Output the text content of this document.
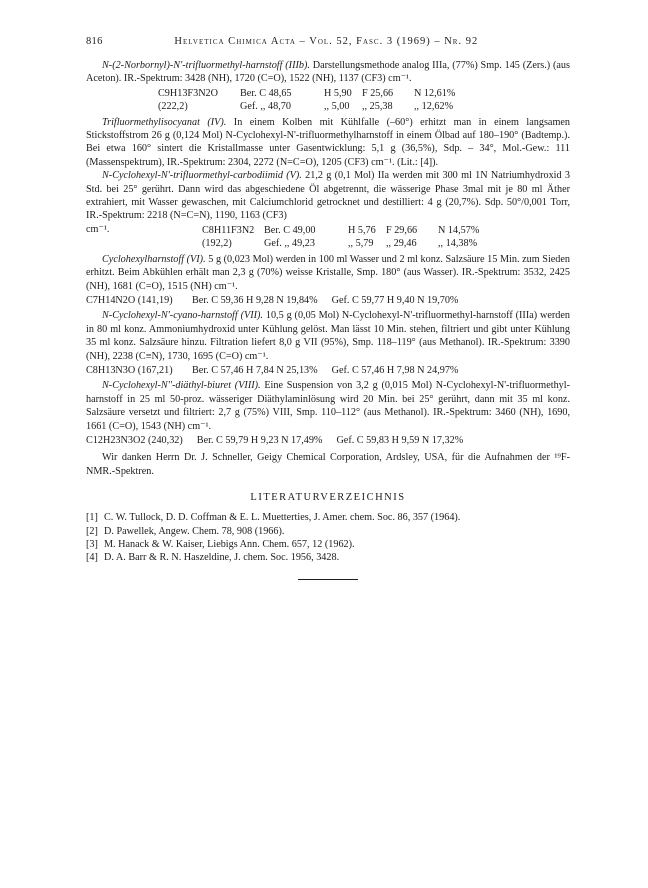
816	Helvetica Chimica Acta – Vol. 52, Fasc. 3 (1969) – Nr. 92

N-(2-Norbornyl)-N'-trifluormethyl-harnstoff (IIIb). Darstellungsmethode analog IIIa, (77%) Smp. 145 (Zers.) (aus Aceton). IR.-Spektrum: 3428 (NH), 1720 (C=O), 1522 (NH), 1137 (CF3) cm⁻¹.

C9H13F3N2O	Ber. C 48,65	H 5,90	F 25,66	N 12,61%
(222,2)	Gef. ,, 48,70	,, 5,00	,, 25,38	,, 12,62%

Trifluormethylisocyanat (IV). In einem Kolben mit Kühlfalle (–60°) erhitzt man in einem langsamen Stickstoffstrom 26 g (0,124 Mol) N-Cyclohexyl-N'-trifluormethylharnstoff in einem Ölbad auf 180–190° (Badtemp.). Bei etwa 160° sintert die Kristallmasse unter Gasentwicklung: 5,1 g (36,5%), Sdp. – 34°, Mol.-Gew.: 111 (Massenspektrum), IR.-Spektrum: 2304, 2272 (N=C=O), 1205 (CF3) cm⁻¹. (Lit.: [4]).

N-Cyclohexyl-N'-trifluormethyl-carbodiimid (V). 21,2 g (0,1 Mol) IIa werden mit 300 ml 1N Natriumhydroxid 3 Std. bei 25° gerührt. Dann wird das abgeschiedene Öl abgetrennt, die wässerige Phase 3mal mit je 80 ml Äther extrahiert, mit Wasser gewaschen, mit Calciumchlorid getrocknet und destilliert: 4 g (20,7%). Sdp. 50°/0,001 Torr, IR.-Spektrum: 2218 (N=C=N), 1190, 1163 (CF3)

cm⁻¹.	C8H11F3N2 Ber. C 49,00	H 5,76	F 29,66	N 14,57%
(192,2)	Gef. ,, 49,23	,, 5,79	,, 29,46	,, 14,38%

Cyclohexylharnstoff (VI). 5 g (0,023 Mol) werden in 100 ml Wasser und 2 ml konz. Salzsäure 15 Min. zum Sieden erhitzt. Beim Abkühlen erhält man 2,3 g (70%) weisse Kristalle, Smp. 180° (aus Wasser). IR.-Spektrum: 3532, 2425 (NH), 1681 (C=O), 1515 (NH) cm⁻¹.

C7H14N2O (141,19)	Ber. C 59,36 H 9,28 N 19,84% Gef. C 59,77 H 9,40 N 19,70%

N-Cyclohexyl-N'-cyano-harnstoff (VII). 10,5 g (0,05 Mol) N-Cyclohexyl-N'-trifluormethyl-harnstoff (IIIa) werden in 80 ml konz. Ammoniumhydroxid unter Kühlung gelöst. Man lässt 10 Min. stehen, filtriert und gibt unter Kühlung 35 ml konz. Salzsäure hinzu. Filtration liefert 8,0 g VII (95%), Smp. 118–119° (aus Methanol). IR.-Spektrum: 3390 (NH), 2238 (C≡N), 1730, 1695 (C=O) cm⁻¹.

C8H13N3O (167,21)	Ber. C 57,46 H 7,84 N 25,13% Gef. C 57,46 H 7,98 N 24,97%

N-Cyclohexyl-N''-diäthyl-biuret (VIII). Eine Suspension von 3,2 g (0,015 Mol) N-Cyclohexyl-N'-trifluormethyl-harnstoff in 25 ml 50-proz. wässeriger Diäthylaminlösung wird 20 Min. bei 25° gerührt, dann mit 35 ml konz. Salzsäure versetzt und filtriert: 2,7 g (75%) VIII, Smp. 110–112° (aus Methanol). IR.-Spektrum: 3460 (NH), 1690, 1661 (C=O), 1543 (NH) cm⁻¹.

C12H23N3O2 (240,32) Ber. C 59,79 H 9,23 N 17,49% Gef. C 59,83 H 9,59 N 17,32%

Wir danken Herrn Dr. J. Schneller, Geigy Chemical Corporation, Ardsley, USA, für die Aufnahmen der ¹⁹F-NMR.-Spektren.

LITERATURVERZEICHNIS
[1] C. W. Tullock, D. D. Coffman & E. L. Muetterties, J. Amer. chem. Soc. 86, 357 (1964).
[2] D. Pawellek, Angew. Chem. 78, 908 (1966).
[3] M. Hanack & W. Kaiser, Liebigs Ann. Chem. 657, 12 (1962).
[4] D. A. Barr & R. N. Haszeldine, J. chem. Soc. 1956, 3428.
